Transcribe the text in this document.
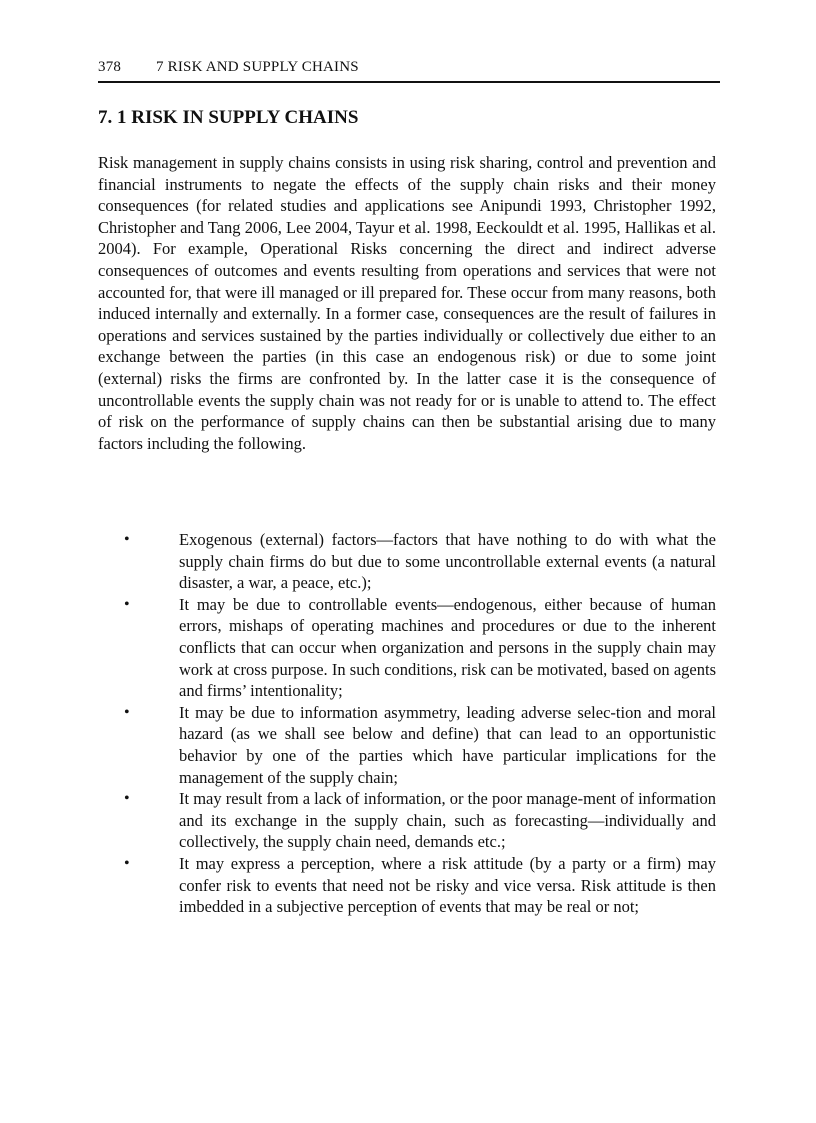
378 7 RISK AND SUPPLY CHAINS
7. 1 RISK IN SUPPLY CHAINS

Risk management in supply chains consists in using risk sharing, control and prevention and financial instruments to negate the effects of the supply chain risks and their money consequences (for related studies and applications see Anipundi 1993, Christopher 1992, Christopher and Tang 2006, Lee 2004, Tayur et al. 1998, Eeckouldt et al. 1995, Hallikas et al. 2004). For example, Operational Risks concerning the direct and indirect adverse consequences of outcomes and events resulting from operations and services that were not accounted for, that were ill managed or ill prepared for. These occur from many reasons, both induced internally and externally. In a former case, consequences are the result of failures in operations and services sustained by the parties individually or collectively due either to an exchange between the parties (in this case an endogenous risk) or due to some joint (external) risks the firms are confronted by. In the latter case it is the consequence of uncontrollable events the supply chain was not ready for or is unable to attend to. The effect of risk on the performance of supply chains can then be substantial arising due to many factors including the following.

•	Exogenous (external) factors—factors that have nothing to do with what the supply chain firms do but due to some uncontrollable external events (a natural disaster, a war, a peace, etc.);
•	It may be due to controllable events—endogenous, either because of human errors, mishaps of operating machines and procedures or due to the inherent conflicts that can occur when organization and persons in the supply chain may work at cross purpose. In such conditions, risk can be motivated, based on agents and firms’ intentionality;
•	It may be due to information asymmetry, leading adverse selec-tion and moral hazard (as we shall see below and define) that can lead to an opportunistic behavior by one of the parties which have particular implications for the management of the supply chain;
•	It may result from a lack of information, or the poor manage-ment of information and its exchange in the supply chain, such as forecasting—individually and collectively, the supply chain need, demands etc.;
•	It may express a perception, where a risk attitude (by a party or a firm) may confer risk to events that need not be risky and vice versa. Risk attitude is then imbedded in a subjective perception of events that may be real or not;
